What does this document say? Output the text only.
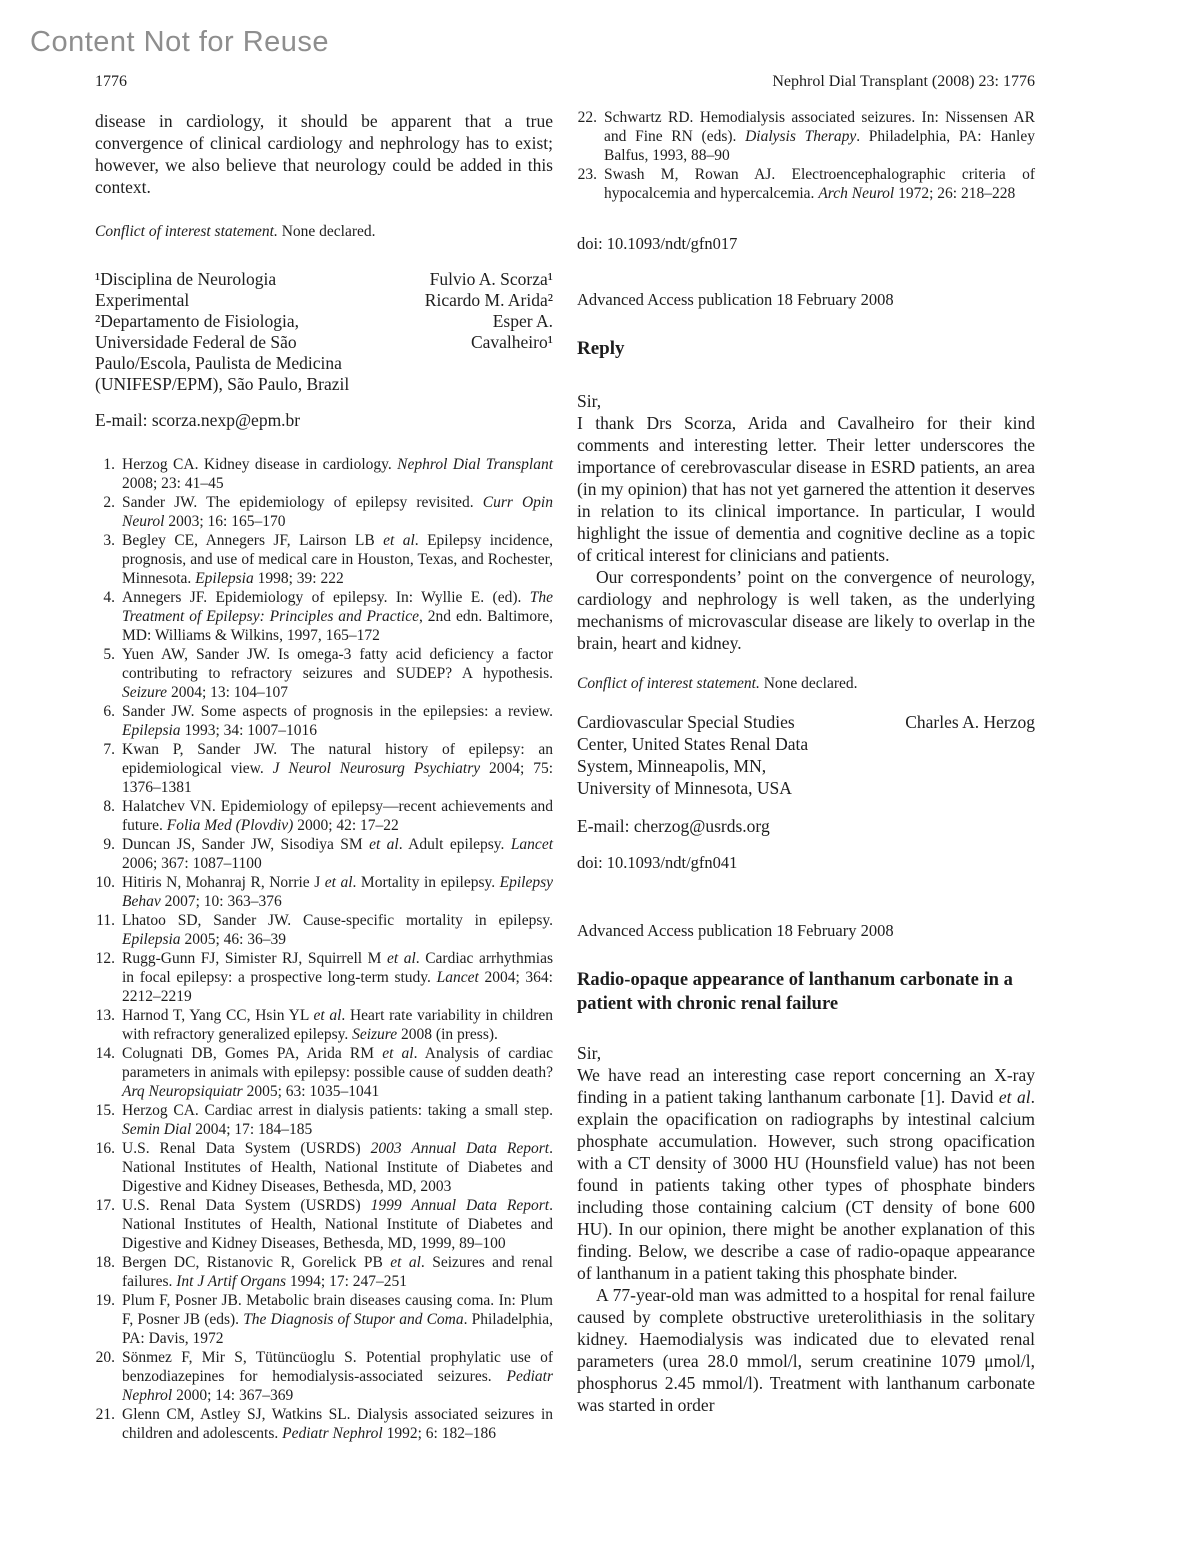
Content Not for Reuse
1776	Nephrol Dial Transplant (2008) 23: 1776
disease in cardiology, it should be apparent that a true convergence of clinical cardiology and nephrology has to exist; however, we also believe that neurology could be added in this context.
Conflict of interest statement. None declared.
¹Disciplina de Neurologia
Experimental
²Departamento de Fisiologia,
Universidade Federal de São
Paulo/Escola, Paulista de Medicina
(UNIFESP/EPM), São Paulo, Brazil
Fulvio A. Scorza¹
Ricardo M. Arida²
Esper A.
Cavalheiro¹
E-mail: scorza.nexp@epm.br
1. Herzog CA. Kidney disease in cardiology. Nephrol Dial Transplant 2008; 23: 41–45
2. Sander JW. The epidemiology of epilepsy revisited. Curr Opin Neurol 2003; 16: 165–170
3. Begley CE, Annegers JF, Lairson LB et al. Epilepsy incidence, prognosis, and use of medical care in Houston, Texas, and Rochester, Minnesota. Epilepsia 1998; 39: 222
4. Annegers JF. Epidemiology of epilepsy. In: Wyllie E. (ed). The Treatment of Epilepsy: Principles and Practice, 2nd edn. Baltimore, MD: Williams & Wilkins, 1997, 165–172
5. Yuen AW, Sander JW. Is omega-3 fatty acid deficiency a factor contributing to refractory seizures and SUDEP? A hypothesis. Seizure 2004; 13: 104–107
6. Sander JW. Some aspects of prognosis in the epilepsies: a review. Epilepsia 1993; 34: 1007–1016
7. Kwan P, Sander JW. The natural history of epilepsy: an epidemiological view. J Neurol Neurosurg Psychiatry 2004; 75: 1376–1381
8. Halatchev VN. Epidemiology of epilepsy—recent achievements and future. Folia Med (Plovdiv) 2000; 42: 17–22
9. Duncan JS, Sander JW, Sisodiya SM et al. Adult epilepsy. Lancet 2006; 367: 1087–1100
10. Hitiris N, Mohanraj R, Norrie J et al. Mortality in epilepsy. Epilepsy Behav 2007; 10: 363–376
11. Lhatoo SD, Sander JW. Cause-specific mortality in epilepsy. Epilepsia 2005; 46: 36–39
12. Rugg-Gunn FJ, Simister RJ, Squirrell M et al. Cardiac arrhythmias in focal epilepsy: a prospective long-term study. Lancet 2004; 364: 2212–2219
13. Harnod T, Yang CC, Hsin YL et al. Heart rate variability in children with refractory generalized epilepsy. Seizure 2008 (in press).
14. Colugnati DB, Gomes PA, Arida RM et al. Analysis of cardiac parameters in animals with epilepsy: possible cause of sudden death? Arq Neuropsiquiatr 2005; 63: 1035–1041
15. Herzog CA. Cardiac arrest in dialysis patients: taking a small step. Semin Dial 2004; 17: 184–185
16. U.S. Renal Data System (USRDS) 2003 Annual Data Report. National Institutes of Health, National Institute of Diabetes and Digestive and Kidney Diseases, Bethesda, MD, 2003
17. U.S. Renal Data System (USRDS) 1999 Annual Data Report. National Institutes of Health, National Institute of Diabetes and Digestive and Kidney Diseases, Bethesda, MD, 1999, 89–100
18. Bergen DC, Ristanovic R, Gorelick PB et al. Seizures and renal failures. Int J Artif Organs 1994; 17: 247–251
19. Plum F, Posner JB. Metabolic brain diseases causing coma. In: Plum F, Posner JB (eds). The Diagnosis of Stupor and Coma. Philadelphia, PA: Davis, 1972
20. Sönmez F, Mir S, Tütüncüoglu S. Potential prophylatic use of benzodiazepines for hemodialysis-associated seizures. Pediatr Nephrol 2000; 14: 367–369
21. Glenn CM, Astley SJ, Watkins SL. Dialysis associated seizures in children and adolescents. Pediatr Nephrol 1992; 6: 182–186
22. Schwartz RD. Hemodialysis associated seizures. In: Nissensen AR and Fine RN (eds). Dialysis Therapy. Philadelphia, PA: Hanley Balfus, 1993, 88–90
23. Swash M, Rowan AJ. Electroencephalographic criteria of hypocalcemia and hypercalcemia. Arch Neurol 1972; 26: 218–228
doi: 10.1093/ndt/gfn017
Advanced Access publication 18 February 2008
Reply
Sir,
I thank Drs Scorza, Arida and Cavalheiro for their kind comments and interesting letter. Their letter underscores the importance of cerebrovascular disease in ESRD patients, an area (in my opinion) that has not yet garnered the attention it deserves in relation to its clinical importance. In particular, I would highlight the issue of dementia and cognitive decline as a topic of critical interest for clinicians and patients.
Our correspondents’ point on the convergence of neurology, cardiology and nephrology is well taken, as the underlying mechanisms of microvascular disease are likely to overlap in the brain, heart and kidney.
Conflict of interest statement. None declared.
Cardiovascular Special Studies
Center, United States Renal Data
System, Minneapolis, MN,
University of Minnesota, USA
Charles A. Herzog
E-mail: cherzog@usrds.org
doi: 10.1093/ndt/gfn041
Advanced Access publication 18 February 2008
Radio-opaque appearance of lanthanum carbonate in a patient with chronic renal failure
Sir,
We have read an interesting case report concerning an X-ray finding in a patient taking lanthanum carbonate [1]. David et al. explain the opacification on radiographs by intestinal calcium phosphate accumulation. However, such strong opacification with a CT density of 3000 HU (Hounsfield value) has not been found in patients taking other types of phosphate binders including those containing calcium (CT density of bone 600 HU). In our opinion, there might be another explanation of this finding. Below, we describe a case of radio-opaque appearance of lanthanum in a patient taking this phosphate binder.
A 77-year-old man was admitted to a hospital for renal failure caused by complete obstructive ureterolithiasis in the solitary kidney. Haemodialysis was indicated due to elevated renal parameters (urea 28.0 mmol/l, serum creatinine 1079 μmol/l, phosphorus 2.45 mmol/l). Treatment with lanthanum carbonate was started in order
